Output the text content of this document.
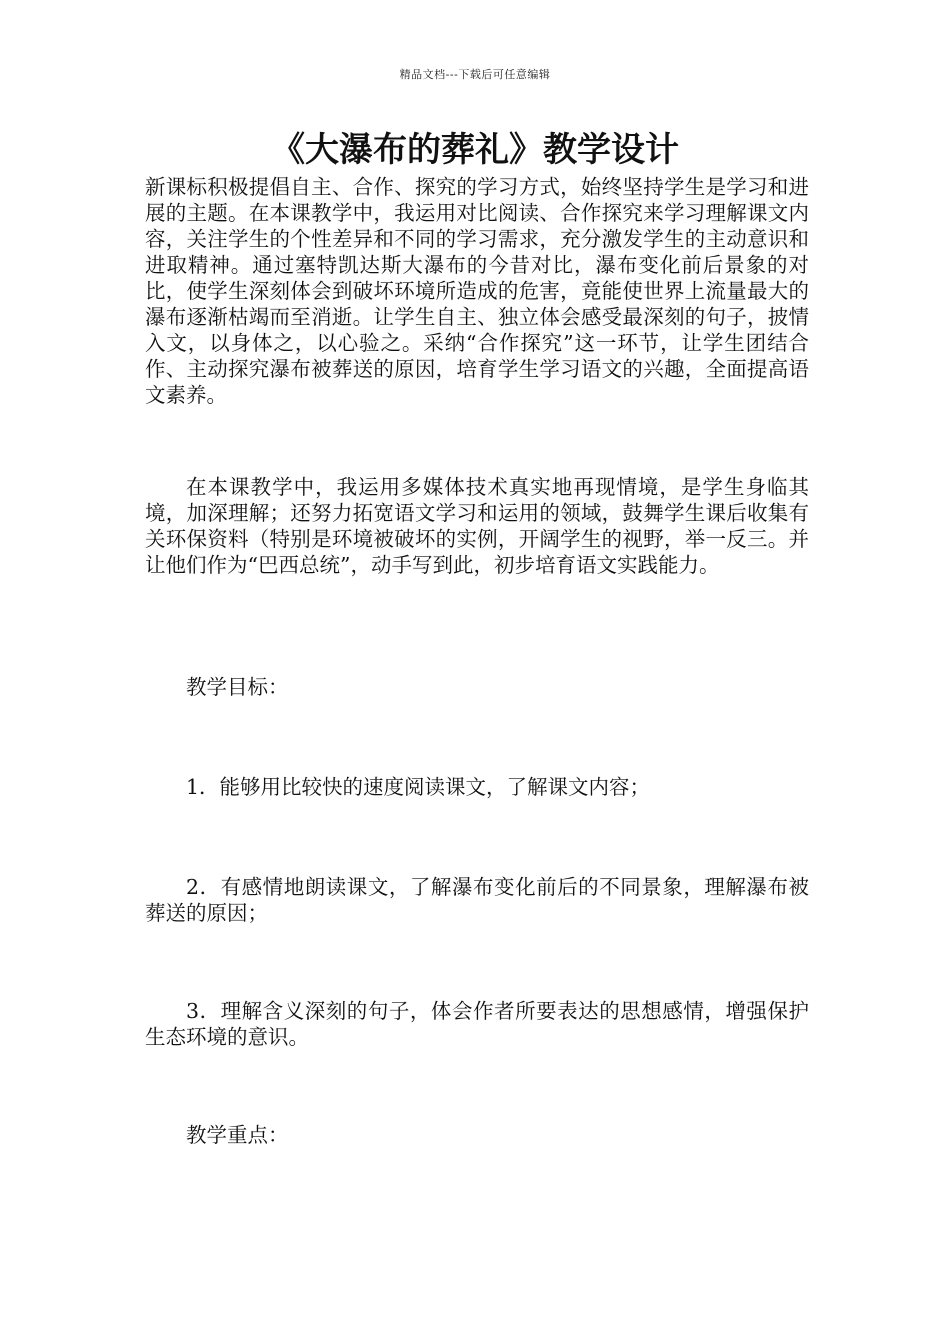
精品文档---下载后可任意编辑
《大瀑布的葬礼》教学设计

新课标积极提倡自主、合作、探究的学习方式，始终坚持学生是学习和进展的主题。在本课教学中，我运用对比阅读、合作探究来学习理解课文内容，关注学生的个性差异和不同的学习需求，充分激发学生的主动意识和进取精神。通过塞特凯达斯大瀑布的今昔对比，瀑布变化前后景象的对比，使学生深刻体会到破坏环境所造成的危害，竟能使世界上流量最大的瀑布逐渐枯竭而至消逝。让学生自主、独立体会感受最深刻的句子，披情入文，以身体之，以心验之。采纳“合作探究”这一环节，让学生团结合作、主动探究瀑布被葬送的原因，培育学生学习语文的兴趣，全面提高语文素养。

在本课教学中，我运用多媒体技术真实地再现情境，是学生身临其境，加深理解；还努力拓宽语文学习和运用的领域，鼓舞学生课后收集有关环保资料（特别是环境被破坏的实例，开阔学生的视野，举一反三。并让他们作为“巴西总统”，动手写到此，初步培育语文实践能力。

教学目标：

1．能够用比较快的速度阅读课文，了解课文内容；

2．有感情地朗读课文，了解瀑布变化前后的不同景象，理解瀑布被葬送的原因；

3．理解含义深刻的句子，体会作者所要表达的思想感情，增强保护生态环境的意识。

教学重点：
